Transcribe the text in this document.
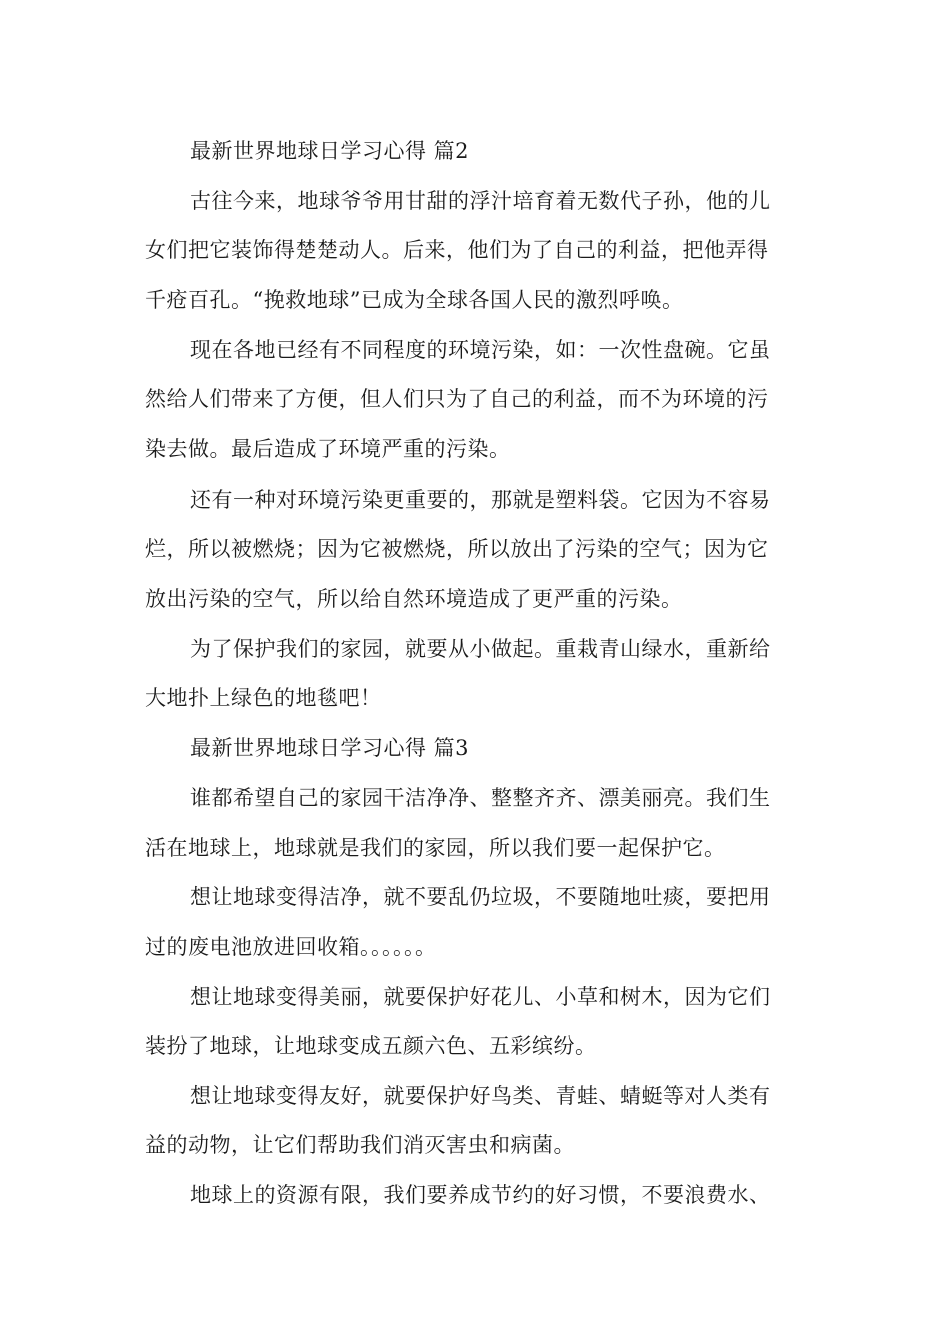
最新世界地球日学习心得 篇2

古往今来，地球爷爷用甘甜的浮汁培育着无数代子孙，他的儿

女们把它装饰得楚楚动人。后来，他们为了自己的利益，把他弄得

千疮百孔。“挽救地球”已成为全球各国人民的激烈呼唤。

现在各地已经有不同程度的环境污染，如：一次性盘碗。它虽

然给人们带来了方便，但人们只为了自己的利益，而不为环境的污

染去做。最后造成了环境严重的污染。

还有一种对环境污染更重要的，那就是塑料袋。它因为不容易

烂，所以被燃烧；因为它被燃烧，所以放出了污染的空气；因为它

放出污染的空气，所以给自然环境造成了更严重的污染。

为了保护我们的家园，就要从小做起。重栽青山绿水，重新给

大地扑上绿色的地毯吧！

最新世界地球日学习心得 篇3

谁都希望自己的家园干洁净净、整整齐齐、漂美丽亮。我们生

活在地球上，地球就是我们的家园，所以我们要一起保护它。

想让地球变得洁净，就不要乱仍垃圾，不要随地吐痰，要把用

过的废电池放进回收箱。。。。。。

想让地球变得美丽，就要保护好花儿、小草和树木，因为它们

装扮了地球，让地球变成五颜六色、五彩缤纷。

想让地球变得友好，就要保护好鸟类、青蛙、蜻蜓等对人类有

益的动物，让它们帮助我们消灭害虫和病菌。

地球上的资源有限，我们要养成节约的好习惯，不要浪费水、
